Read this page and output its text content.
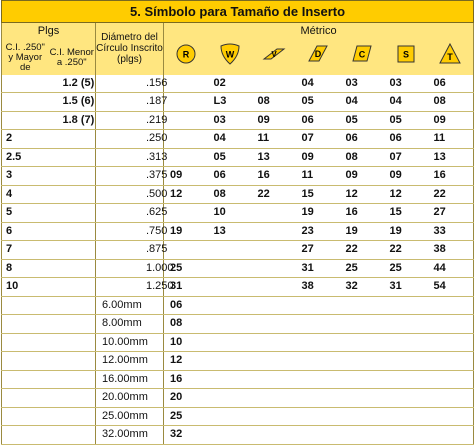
5. Símbolo para Tamaño de Inserto									
Plgs		Diámetro del Círculo Inscrito (plgs)	Métrico						
C.I. .250" y Mayor de	C.I. Menor a .250"		R	W	V	D	C	S	T

	1.2 (5)	.156		02		04	03	03	06
	1.5 (6)	.187		L3	08	05	04	04	08
	1.8 (7)	.219		03	09	06	05	05	09
2		.250		04	11	07	06	06	11
2.5		.313		05	13	09	08	07	13
3		.375	09	06	16	11	09	09	16
4		.500	12	08	22	15	12	12	22
5		.625		10		19	16	15	27
6		.750	19	13		23	19	19	33
7		.875				27	22	22	38
8		1.000	25			31	25	25	44
10		1.250	31			38	32	31	54
		6.00mm	06						
		8.00mm	08						
		10.00mm	10						
		12.00mm	12						
		16.00mm	16						
		20.00mm	20						
		25.00mm	25						
		32.00mm	32						
